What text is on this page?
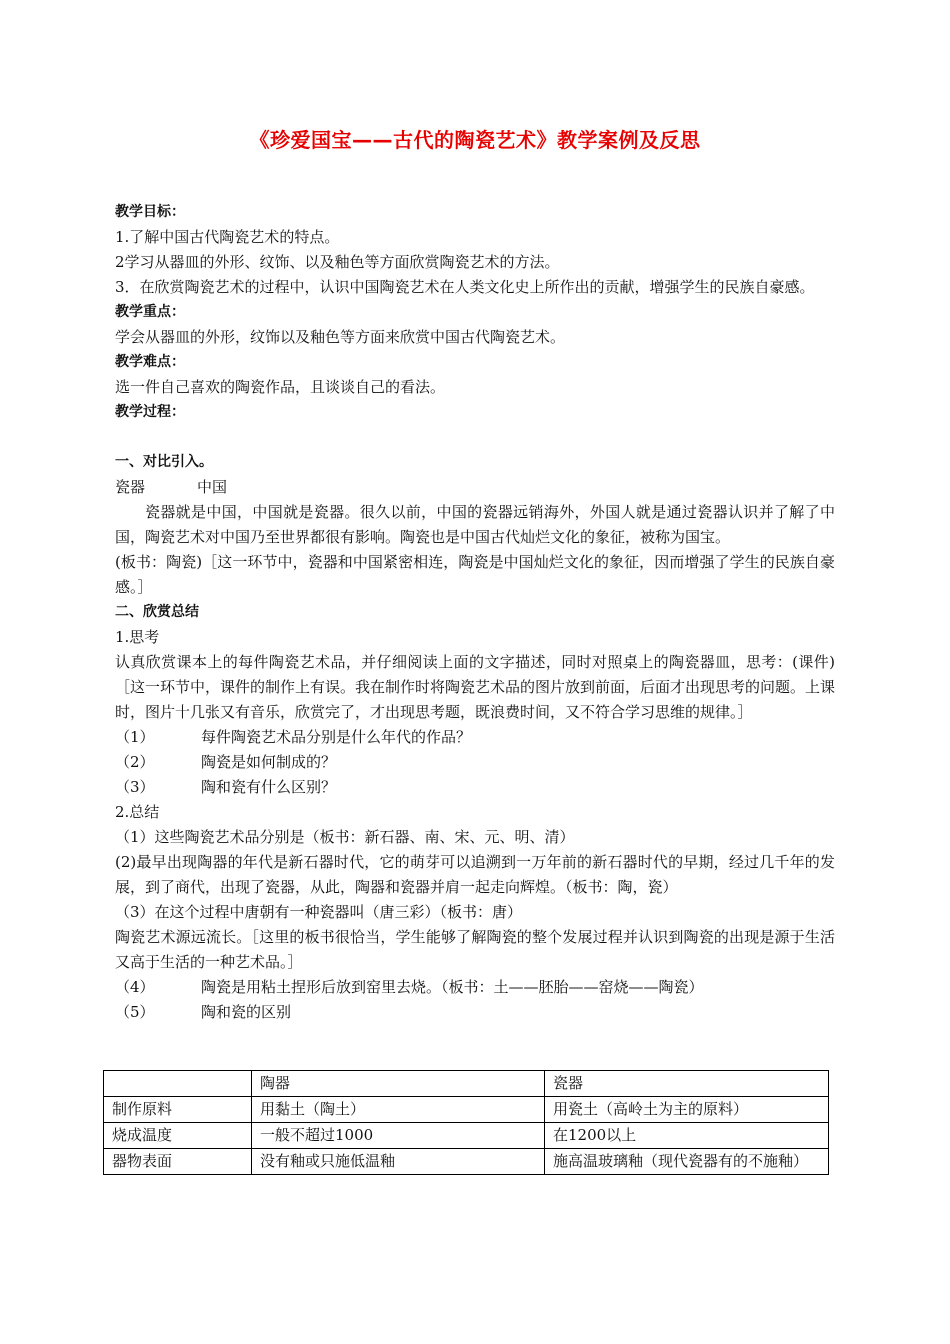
《珍爱国宝——古代的陶瓷艺术》教学案例及反思

教学目标：

1.了解中国古代陶瓷艺术的特点。

2学习从器皿的外形、纹饰、以及釉色等方面欣赏陶瓷艺术的方法。

3．在欣赏陶瓷艺术的过程中，认识中国陶瓷艺术在人类文化史上所作出的贡献，增强学生的民族自豪感。

教学重点：

学会从器皿的外形，纹饰以及釉色等方面来欣赏中国古代陶瓷艺术。

教学难点：

选一件自己喜欢的陶瓷作品，且谈谈自己的看法。

教学过程：

一、对比引入。

瓷器	中国

瓷器就是中国，中国就是瓷器。很久以前，中国的瓷器远销海外，外国人就是通过瓷器认识并了解了中国，陶瓷艺术对中国乃至世界都很有影响。陶瓷也是中国古代灿烂文化的象征，被称为国宝。

(板书：陶瓷)［这一环节中，瓷器和中国紧密相连，陶瓷是中国灿烂文化的象征，因而增强了学生的民族自豪感。］

二、欣赏总结

1.思考

认真欣赏课本上的每件陶瓷艺术品，并仔细阅读上面的文字描述，同时对照桌上的陶瓷器皿，思考：(课件)［这一环节中，课件的制作上有误。我在制作时将陶瓷艺术品的图片放到前面，后面才出现思考的问题。上课时，图片十几张又有音乐，欣赏完了，才出现思考题，既浪费时间，又不符合学习思维的规律。］

（1）	每件陶瓷艺术品分别是什么年代的作品？
（2）	陶瓷是如何制成的？
（3）	陶和瓷有什么区别？

2.总结

（1）这些陶瓷艺术品分别是（板书：新石器、南、宋、元、明、清）

(2)最早出现陶器的年代是新石器时代，它的萌芽可以追溯到一万年前的新石器时代的早期，经过几千年的发展，到了商代，出现了瓷器，从此，陶器和瓷器并肩一起走向辉煌。（板书：陶，瓷）

（3）在这个过程中唐朝有一种瓷器叫（唐三彩）（板书：唐）

陶瓷艺术源远流长。［这里的板书很恰当，学生能够了解陶瓷的整个发展过程并认识到陶瓷的出现是源于生活又高于生活的一种艺术品。］

（4）	陶瓷是用粘土捏形后放到窑里去烧。（板书：土——胚胎——窑烧——陶瓷）
（5）	陶和瓷的区别
	陶器	瓷器
制作原料	用黏土（陶土）	用瓷土（高岭土为主的原料）
烧成温度	一般不超过1000	在1200以上
器物表面	没有釉或只施低温釉	施高温玻璃釉（现代瓷器有的不施釉）
